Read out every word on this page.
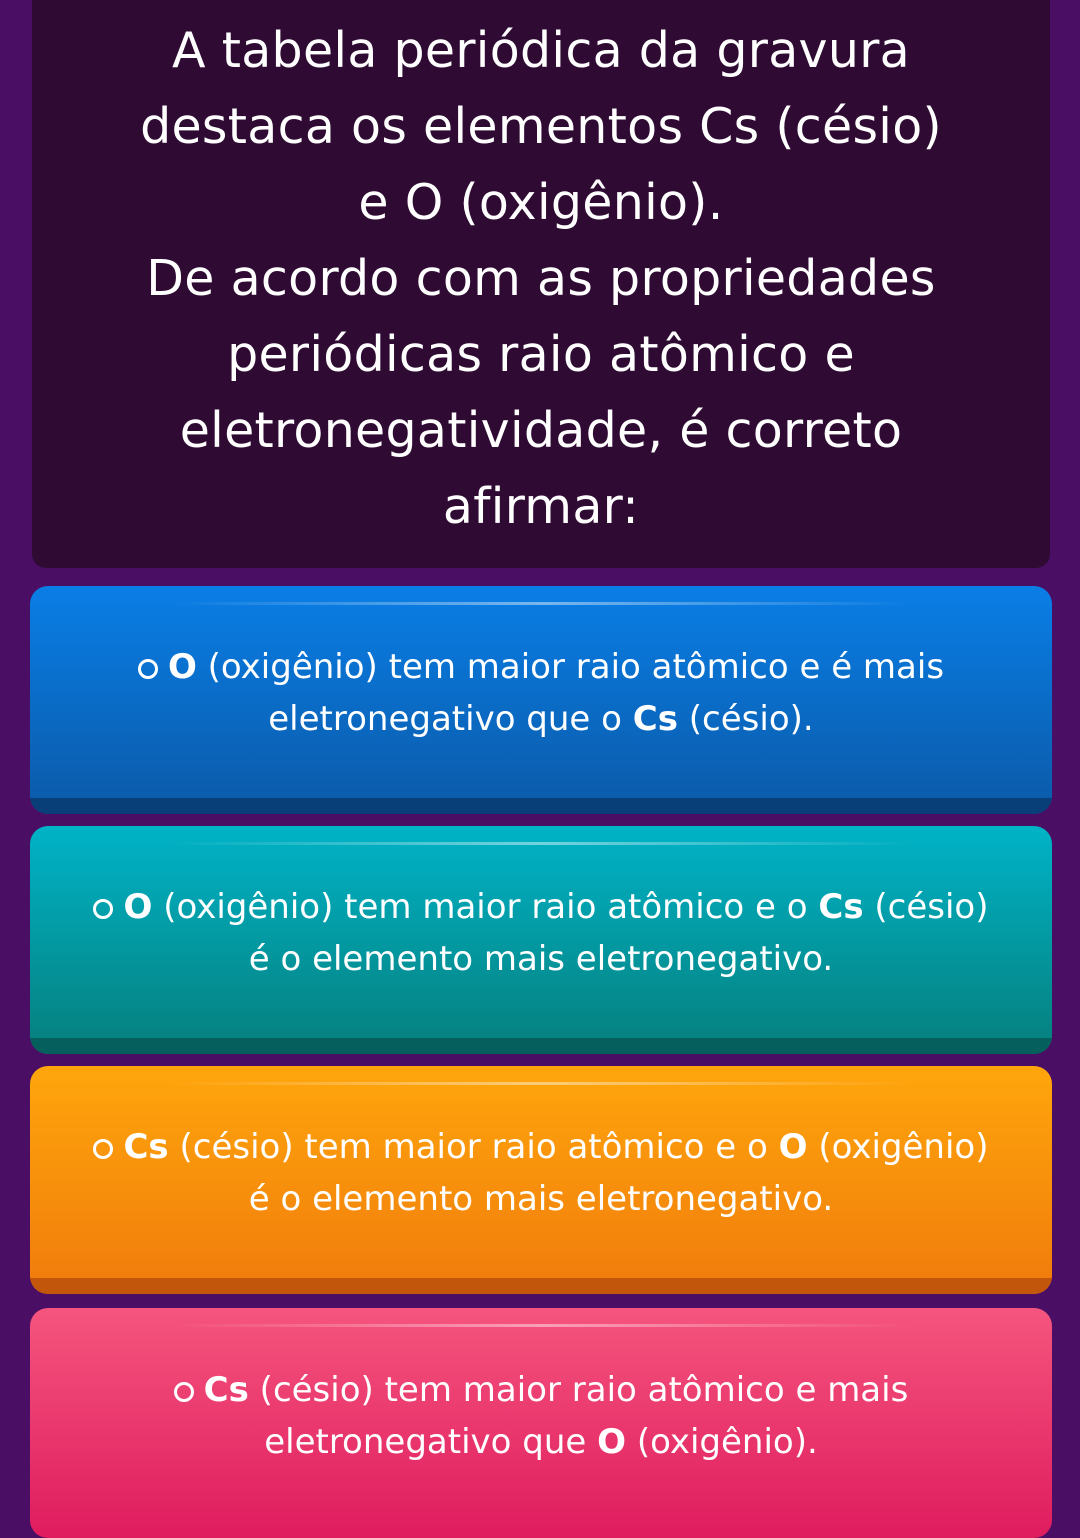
A tabela periódica da gravura
destaca os elementos Cs (césio)
e O (oxigênio).
De acordo com as propriedades
periódicas raio atômico e
eletronegatividade, é correto
afirmar:

O (oxigênio) tem maior raio atômico e é mais
eletronegativo que o Cs (césio).

O (oxigênio) tem maior raio atômico e o Cs (césio)
é o elemento mais eletronegativo.

Cs (césio) tem maior raio atômico e o O (oxigênio)
é o elemento mais eletronegativo.

Cs (césio) tem maior raio atômico e mais
eletronegativo que O (oxigênio).
